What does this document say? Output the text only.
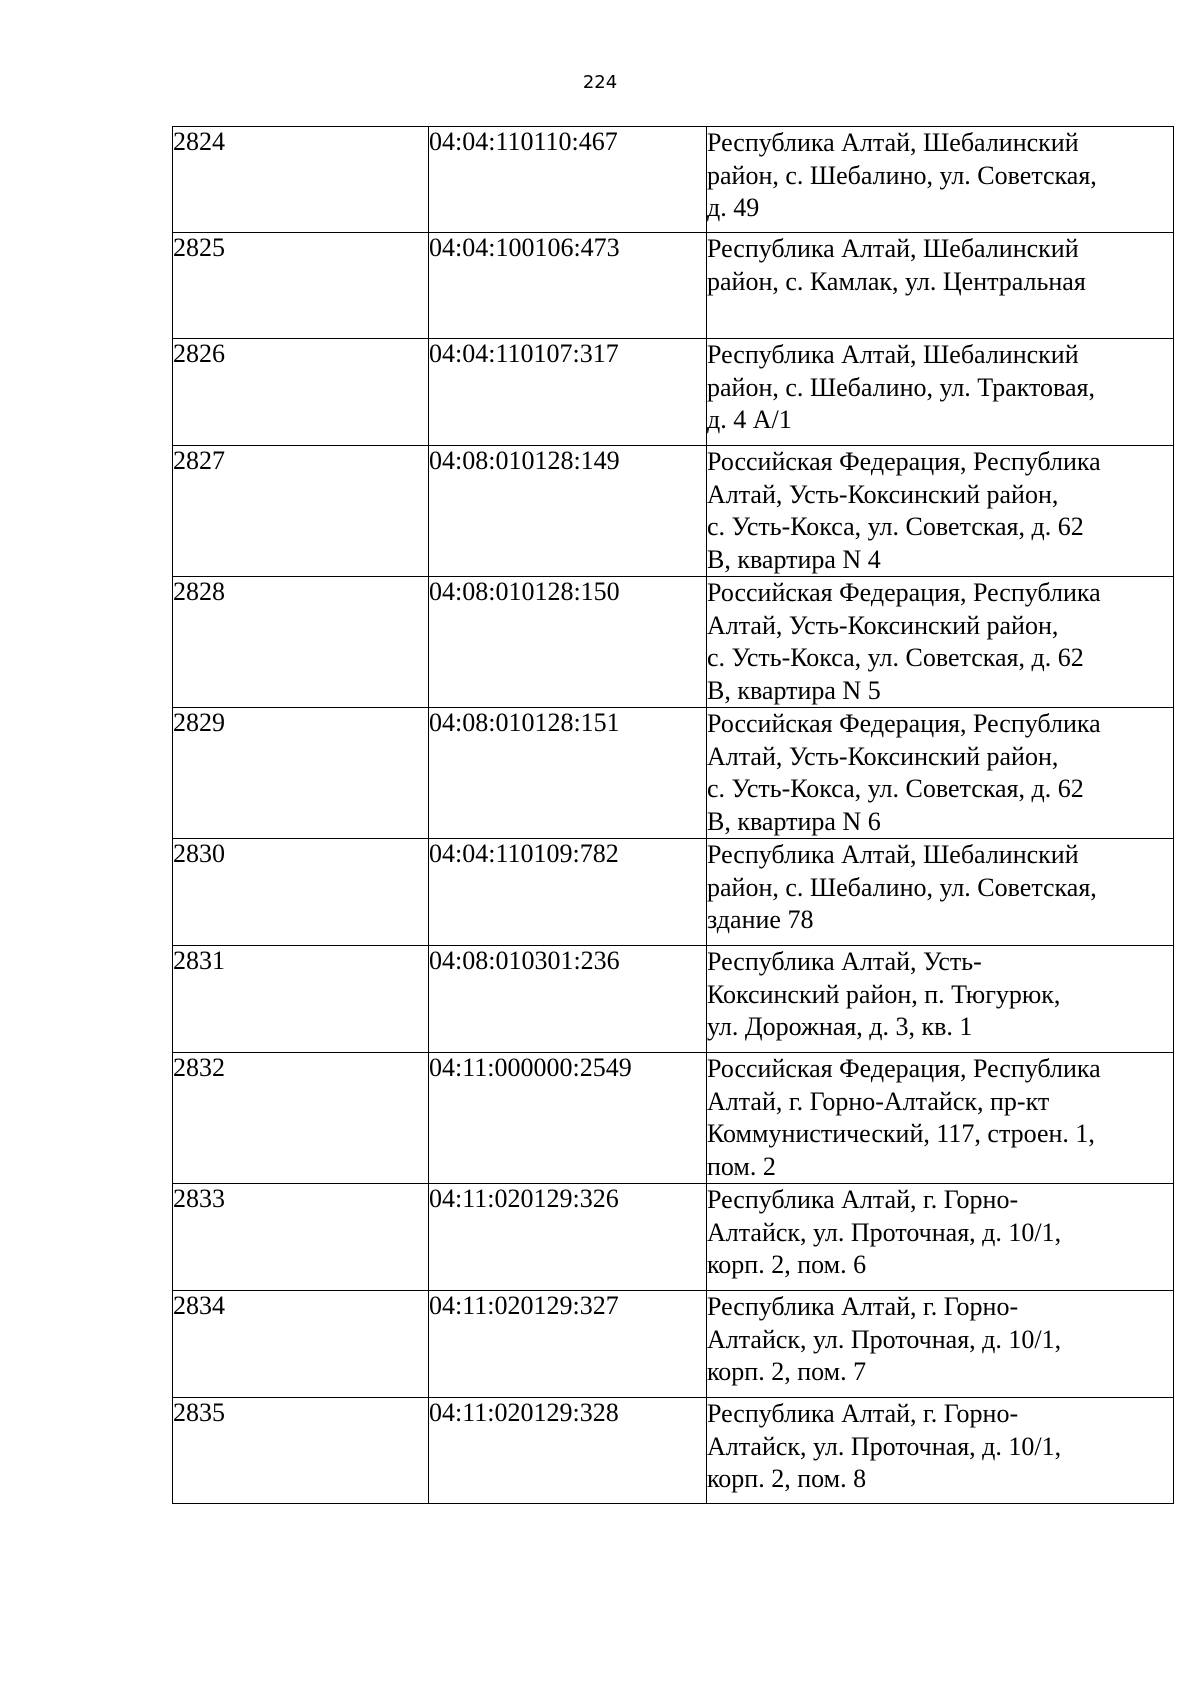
224
2824	04:04:110110:467	Республика Алтай, Шебалинский
район, с. Шебалино, ул. Советская,
д. 49

2825	04:04:100106:473	Республика Алтай, Шебалинский
район, с. Камлак, ул. Центральная

2826	04:04:110107:317	Республика Алтай, Шебалинский
район, с. Шебалино, ул. Трактовая,
д. 4 А/1

2827	04:08:010128:149	Российская Федерация, Республика
Алтай, Усть-Коксинский район,
с. Усть-Кокса, ул. Советская, д. 62
В, квартира N 4

2828	04:08:010128:150	Российская Федерация, Республика
Алтай, Усть-Коксинский район,
с. Усть-Кокса, ул. Советская, д. 62
В, квартира N 5

2829	04:08:010128:151	Российская Федерация, Республика
Алтай, Усть-Коксинский район,
с. Усть-Кокса, ул. Советская, д. 62
В, квартира N 6

2830	04:04:110109:782	Республика Алтай, Шебалинский
район, с. Шебалино, ул. Советская,
здание 78

2831	04:08:010301:236	Республика Алтай, Усть-
Коксинский район, п. Тюгурюк,
ул. Дорожная, д. 3, кв. 1

2832	04:11:000000:2549	Российская Федерация, Республика
Алтай, г. Горно-Алтайск, пр-кт
Коммунистический, 117, строен. 1,
пом. 2

2833	04:11:020129:326	Республика Алтай, г. Горно-
Алтайск, ул. Проточная, д. 10/1,
корп. 2, пом. 6

2834	04:11:020129:327	Республика Алтай, г. Горно-
Алтайск, ул. Проточная, д. 10/1,
корп. 2, пом. 7

2835	04:11:020129:328	Республика Алтай, г. Горно-
Алтайск, ул. Проточная, д. 10/1,
корп. 2, пом. 8
